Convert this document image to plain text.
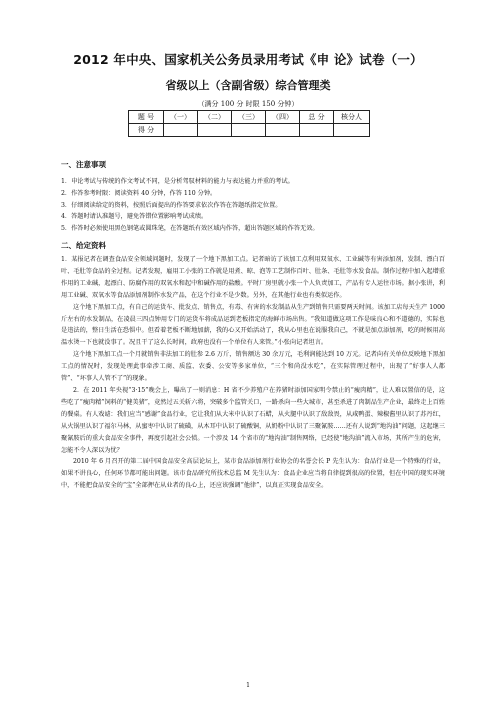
2012 年中央、国家机关公务员录用考试《申 论》试卷（一）
省级以上（含副省级）综合管理类
（满分 100 分 时限 150 分钟）
题 号	（一）	（二）	（三）	（四）	总 分	核分人
得 分						
一、注意事项
1．申论考试与传统的作文考试不同，是分析驾驭材料的能力与表达能力并重的考试。
2．作答参考时限：阅读资料 40 分钟，作答 110 分钟。
3．仔细阅读给定的资料，按照后面提出的作答要求依次作答在答题纸指定位置。
4．答题时请认准题号，避免答错位置影响考试成绩。
5．作答时必须使用黑色钢笔或圆珠笔，在答题纸有效区域内作答，超出答题区域的作答无效。
二、给定资料

1．某报记者在调查食品安全领域问题时，发现了一个地下黑加工点。记者暗访了该加工点利用双氧水、工业碱等有害添加剂，发制、漂白百叶、毛肚等食品的全过程。记者发现，雇用工小张的工作就是用煮、晾、泡等工艺制作百叶、肚条、毛肚等水发食品。制作过程中加入起增重作用的工业碱，起漂白、防腐作用的双氧水和起中和碱作用的盐酸。平时厂房里就小张一个人负责加工，产品有专人运往市场。据小张讲，利用工业碱、双氧水等食品添加剂制作水发产品，在这个行业不是少数。另外，在其他行业也有类似运作。

这个地下黑加工点，有自己的运货车、批发点、销售点，有毒、有害的水发制品从生产到销售只需要两天时间。该加工店每天生产 1000 斤左右的水发制品，在凌晨三四点钟用专门的运货车将成品运到老板指定的海鲜市场出售。“我知道做这项工作是味良心和不道德的，实际也是违法的，整日生活在恐惧中。但看着老板不断地加薪，我的心又开始活动了，我从心里也在说服我自己，不就是加点添加剂，吃的时候用高温水烫一下也就没事了。况且干了这么长时间，政府也没有一个单位有人来管。”小张向记者坦言。

这个地下黑加工点一个月就销售非法加工的肚参 2.6 万斤，销售额达 30 余万元，毛利润能达到 10 万元。记者向有关单位反映地下黑加工点的情况时，发现处理此事牵涉工商、质监、农委、公安等多家单位，“三个和尚没水吃”，在实际管理过程中，出现了“好事人人都管”、“坏事人人管不了”的现象。

2．在 2011 年央视“3·15”晚会上，曝出了一则消息：H 省不少养殖户在养猪时添加国家明令禁止的“瘦肉精”，让人难以置信的是，这些吃了“瘦肉精”饲料的“健美猪”，竟然过五关斩六将，突破多个监管关口，一路杀向一些大城市，甚至杀进了肉制品生产企业，最终走上百姓的餐桌。有人戏谑：我们应当“感谢”食品行业，它让我们从大米中认识了石蜡，从火腿中认识了敌敌畏，从咸鸭蛋、辣椒酱里认识了苏丹红，从火锅里认识了福尔马林，从蜜枣中认识了硫磺，从木耳中认识了硫酸铜，从奶粉中认识了三聚氰胺……还有人说到“地沟油”问题，这起继三聚氰胺后的重大食品安全事件，再度引起社会公愤。一个涉及 14 个省市的“地沟油”制售网络，已经使“地沟油”流入市场，其所产生的危害，怎能不令人深以为忧？

2010 年 6 月召开的第二届中国食品安全高层论坛上，某市食品添加剂行业协会的名誉会长 P 先生认为：食品行业是一个特殊的行业，如果不讲良心，任何环节都可能出问题。该市食品研究所技术总监 M 先生认为：食品企业应当将自律提到很高的位置，但在中国的现实环境中，不能把食品安全的“宝”全部押在从业者的良心上，还应该强调“他律”，以真正实现食品安全。

1
